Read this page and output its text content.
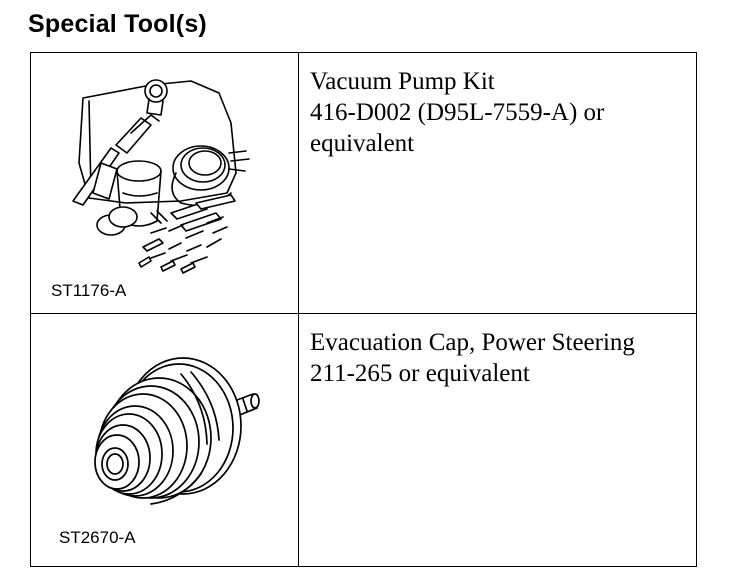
Special Tool(s)
ST1176-A
Vacuum Pump Kit
416-D002 (D95L-7559-A) or
equivalent
ST2670-A
Evacuation Cap, Power Steering
211-265 or equivalent
